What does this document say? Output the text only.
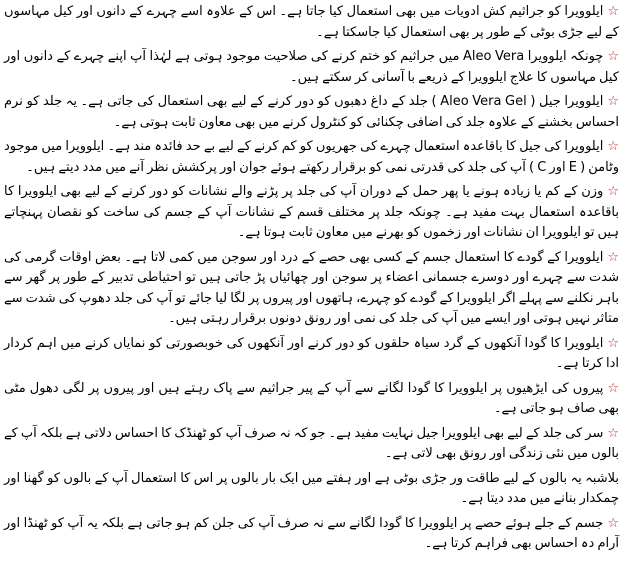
☆ایلوویرا کو جراثیم کش ادویات میں بھی استعمال کیا جاتا ہے۔ اس کے علاوہ اسے چہرے کے دانوں اور کیل مہاسوں کے لیے جڑی بوٹی کے طور پر بھی استعمال کیا جاسکتا ہے۔

☆چونکہ ایلوویرا Aleo Vera میں جراثیم کو ختم کرنے کی صلاحیت موجود ہوتی ہے لہٰذا آپ اپنے چہرے کے دانوں اور کیل مہاسوں کا علاج ایلوویرا کے ذریعے با آسانی کر سکتے ہیں۔

☆ایلوویرا جیل ( Aleo Vera Gel ) جلد کے داغ دھبوں کو دور کرنے کے لیے بھی استعمال کی جاتی ہے۔ یہ جلد کو نرم احساس بخشنے کے علاوہ جلد کی اضافی چکنائی کو کنٹرول کرنے میں بھی معاون ثابت ہوتی ہے۔

☆ایلوویرا کی جیل کا باقاعدہ استعمال چہرے کی جھریوں کو کم کرنے کے لیے بے حد فائدہ مند ہے۔ ایلوویرا میں موجود وٹامن ( E اور C ) آپ کی جلد کی قدرتی نمی کو برقرار رکھتے ہوئے جوان اور پرکشش نظر آنے میں مدد دیتے ہیں۔

☆وزن کے کم یا زیادہ ہونے یا پھر حمل کے دوران آپ کی جلد پر پڑنے والے نشانات کو دور کرنے کے لیے بھی ایلوویرا کا باقاعدہ استعمال بہت مفید ہے۔ چونکہ جلد پر مختلف قسم کے نشانات آپ کے جسم کی ساخت کو نقصان پہنچاتے ہیں تو ایلوویرا ان نشانات اور زخموں کو بھرنے میں معاون ثابت ہوتا ہے۔

☆ایلوویرا کے گودے کا استعمال جسم کے کسی بھی حصے کے درد اور سوجن میں کمی لاتا ہے۔ بعض اوقات گرمی کی شدت سے چہرے اور دوسرے جسمانی اعضاء پر سوجن اور چھائیاں پڑ جاتی ہیں تو احتیاطی تدبیر کے طور پر گھر سے باہر نکلنے سے پہلے اگر ایلوویرا کے گودے کو چہرے، ہاتھوں اور پیروں پر لگا لیا جائے تو آپ کی جلد دھوپ کی شدت سے متاثر نہیں ہوتی اور ایسے میں آپ کی جلد کی نمی اور رونق دونوں برقرار رہتی ہیں۔

☆ایلوویرا کا گودا آنکھوں کے گرد سیاہ حلقوں کو دور کرنے اور آنکھوں کی خوبصورتی کو نمایاں کرنے میں اہم کردار ادا کرتا ہے۔

☆پیروں کی ایڑھیوں پر ایلوویرا کا گودا لگانے سے آپ کے پیر جراثیم سے پاک رہتے ہیں اور پیروں پر لگی دھول مٹی بھی صاف ہو جاتی ہے۔

☆سر کی جلد کے لیے بھی ایلوویرا جیل نہایت مفید ہے۔ جو کہ نہ صرف آپ کو ٹھنڈک کا احساس دلاتی ہے بلکہ آپ کے بالوں میں نئی زندگی اور رونق بھی لاتی ہے۔

بلاشبہ یہ بالوں کے لیے طاقت ور جڑی بوٹی ہے اور ہفتے میں ایک بار بالوں پر اس کا استعمال آپ کے بالوں کو گھنا اور چمکدار بنانے میں مدد دیتا ہے۔

☆جسم کے جلے ہوئے حصے پر ایلوویرا کا گودا لگانے سے نہ صرف آپ کی جلن کم ہو جاتی ہے بلکہ یہ آپ کو ٹھنڈا اور آرام دہ احساس بھی فراہم کرتا ہے۔
